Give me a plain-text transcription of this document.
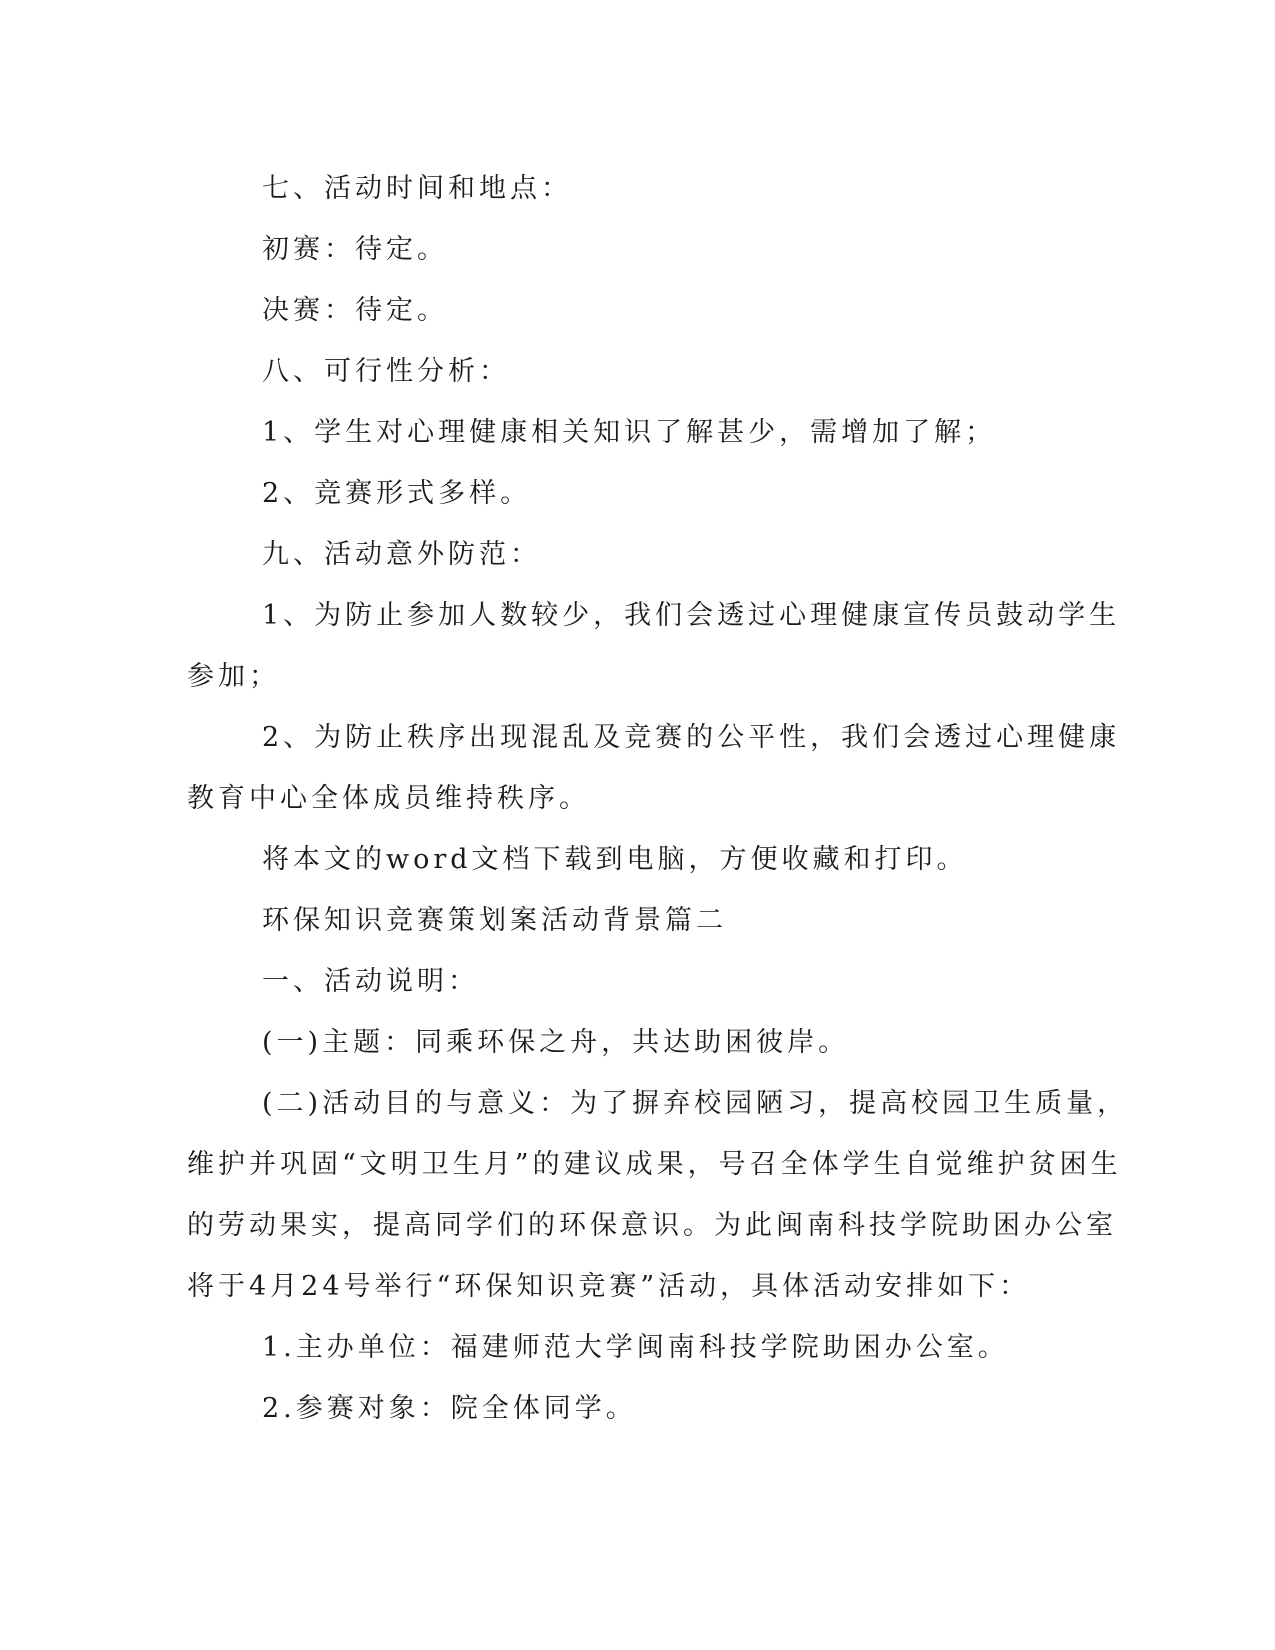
七、活动时间和地点：
初赛：待定。
决赛：待定。
八、可行性分析：
1、学生对心理健康相关知识了解甚少，需增加了解；
2、竞赛形式多样。
九、活动意外防范：
1、为防止参加人数较少，我们会透过心理健康宣传员鼓动学生
参加；
2、为防止秩序出现混乱及竞赛的公平性，我们会透过心理健康
教育中心全体成员维持秩序。
将本文的word文档下载到电脑，方便收藏和打印。
环保知识竞赛策划案活动背景篇二
一、活动说明：
(一)主题：同乘环保之舟，共达助困彼岸。
(二)活动目的与意义：为了摒弃校园陋习，提高校园卫生质量，
维护并巩固“文明卫生月”的建议成果，号召全体学生自觉维护贫困生
的劳动果实，提高同学们的环保意识。为此闽南科技学院助困办公室
将于4月24号举行“环保知识竞赛”活动，具体活动安排如下：
1.主办单位：福建师范大学闽南科技学院助困办公室。
2.参赛对象：院全体同学。
